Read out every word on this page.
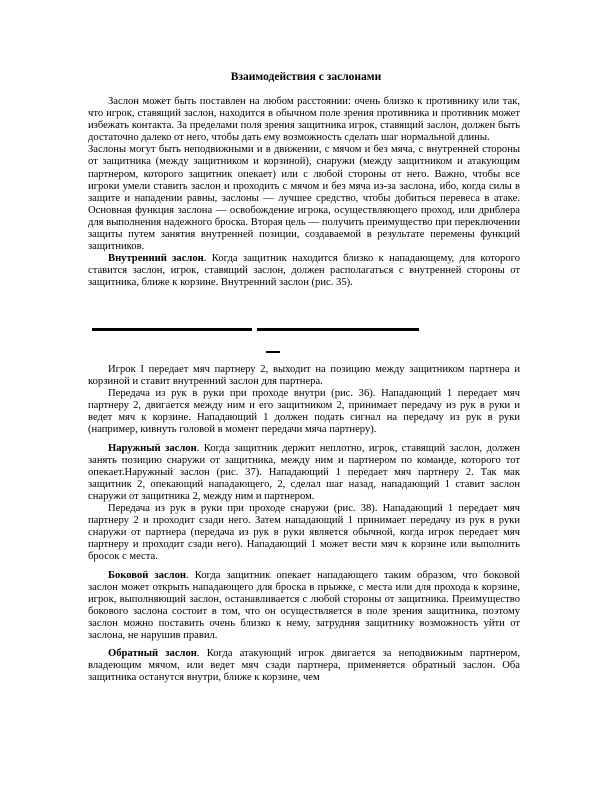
Взаимодействия с заслонами

Заслон может быть поставлен на любом расстоянии: очень близко к противнику или так, что игрок, ставящий заслон, находится в обычном поле зрения противника и противник может избежать контакта. За пределами поля зрения защитника игрок, ставящий заслон, должен быть достаточно далеко от него, чтобы дать ему возможность сделать шаг нормальной длины.

Заслоны могут быть неподвижными и в движении, с мячом и без мяча, с внутренней стороны от защитника (между защитником и корзиной), снаружи (между защитником и атакующим партнером, которого защитник опекает) или с любой стороны от него. Важно, чтобы все игроки умели ставить заслон и проходить с мячом и без мяча из-за заслона, ибо, когда силы в защите и нападении равны, заслоны — лучшее средство, чтобы добиться перевеса в атаке. Основная функция заслона — освобождение игрока, осуществляющего проход, или дриблера для выполнения надежного броска. Вторая цель — получить преимущество при переключении защиты путем занятия внутренней позиции, создаваемой в результате перемены функций защитников.

Внутренний заслон. Когда защитник находится близко к нападающему, для которого ставится заслон, игрок, ставящий заслон, должен располагаться с внутренней стороны от защитника, ближе к корзине. Внутренний заслон (рис. 35).

Игрок I передает мяч партнеру 2, выходит на позицию между защитником партнера и корзиной и ставит внутренний заслон для партнера.

Передача из рук в руки при проходе внутри (рис. 36). Нападающий 1 передает мяч партнеру 2, двигается между ним и его защитником 2, принимает передачу из рук в руки и ведет мяч к корзине. Нападающий 1 должен подать сигнал на передачу из рук в руки (например, кивнуть головой в момент передачи мяча партнеру).

Наружный заслон. Когда защитник держит неплотно, игрок, ставящий заслон, должен занять позицию снаружи от защитника, между ним и партнером по команде, которого тот опекает.Наружный заслон (рис. 37). Нападающий 1 передает мяч партнеру 2. Так мак защитник 2, опекающий нападающего, 2, сделал шаг назад, нападающий 1 ставит заслон снаружи от защитника 2, между ним и партнером.

Передача из рук в руки при проходе снаружи (рис. 38). Нападающий 1 передает мяч партнеру 2 и проходит сзади него. Затем нападающий 1 принимает передачу из рук в руки снаружи от партнера (передача из рук в руки является обычной, когда игрок передает мяч партнеру и проходит сзади него). Нападающий 1 может вести мяч к корзине или выполнить бросок с места.

Боковой заслон. Когда защитник опекает нападающего таким образом, что боковой заслон может открыть нападающего для броска в прыжке, с места или для прохода к корзине, игрок, выполняющий заслон, останавливается с любой стороны от защитника. Преимущество бокового заслона состоит в том, что он осуществляется в поле зрения защитника, поэтому заслон можно поставить очень близко к нему, затрудняя защитнику возможность уйти от заслона, не нарушив правил.

Обратный заслон. Когда атакующий игрок двигается за неподвижным партнером, владеющим мячом, или ведет мяч сзади партнера, применяется обратный заслон. Оба защитника останутся внутри, ближе к корзине, чем
